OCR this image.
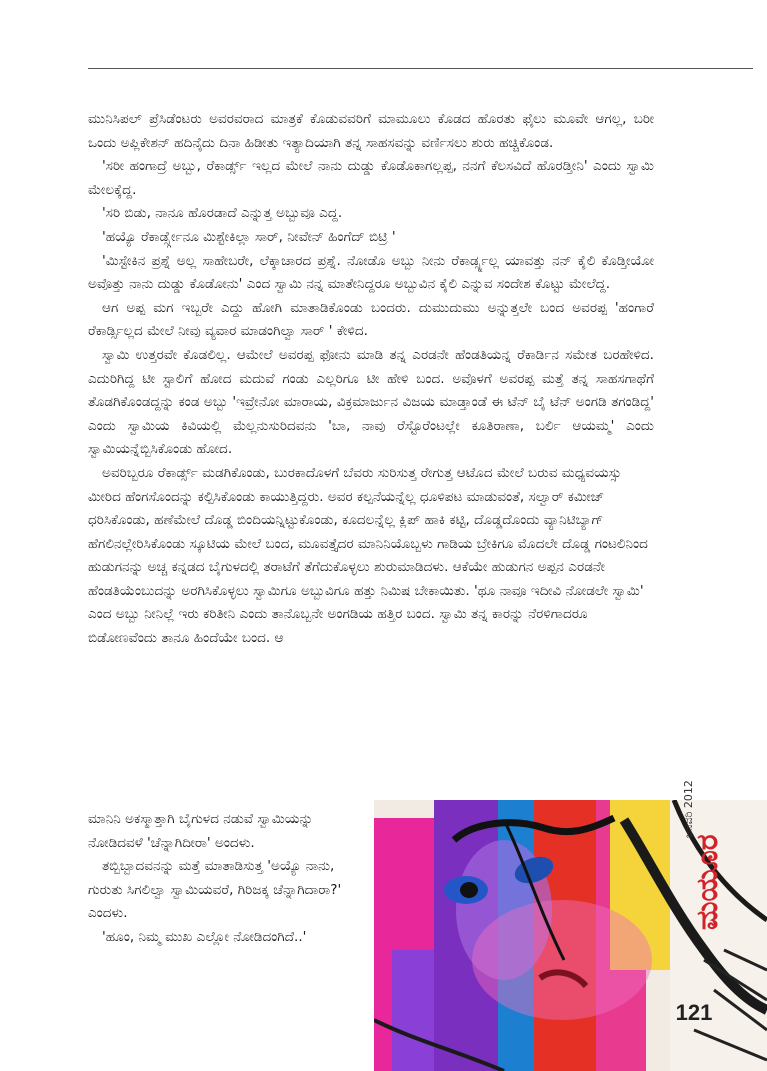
ಮುನಿಸಿಪಲ್ ಪ್ರೆಸಿಡೆಂಟರು ಅವರವರಾದ ಮಾತ್ರಕೆ ಕೊಡುವವರಿಗೆ ಮಾಮೂಲು ಕೊಡದ ಹೊರತು ಫೈಲು ಮೂವೇ ಆಗಲ್ಲ, ಬರೀ ಒಂದು ಅಪ್ಲಿಕೇಶನ್ ಹದಿನೈದು ದಿನಾ ಹಿಡೀತು ಇತ್ಯಾದಿಯಾಗಿ ತನ್ನ ಸಾಹಸವನ್ನು ವರ್ಣಿಸಲು ಶುರು ಹಚ್ಚಿಕೊಂಡ.

'ಸರೀ ಹಂಗಾದ್ರೆ ಅಬ್ಬು, ರೆಕಾರ್ಡ್ಸ್ ಇಲ್ಲದ ಮೇಲೆ ನಾನು ದುಡ್ಡು ಕೊಡೊಕಾಗಲ್ಲಪ್ಪ, ನನಗೆ ಕೆಲಸವಿದೆ ಹೊರಡ್ತೀನಿ' ಎಂದು ಸ್ವಾಮಿ ಮೇಲಕ್ಕೆದ್ದ.

'ಸರಿ ಬಿಡು, ನಾನೂ ಹೊರಡಾದೆ ಎನ್ನುತ್ತ ಅಬ್ಬುವೂ ಎದ್ದ.

'ಹಯ್ಯೊ ರೆಕಾರ್ಡ್ಸ್ಗೇನೂ ಮಿಶ್ಟೇಕಿಲ್ಲಾ ಸಾರ್, ನೀವೇನ್ ಹಿಂಗೆದ್ ಬಿಟ್ರಿ '

'ಮಿಸ್ಟೇಕಿನ ಪ್ರಶ್ನೆ ಅಲ್ಲ ಸಾಹೇಬರೇ, ಲೆಕ್ಕಾಚಾರದ ಪ್ರಶ್ನೆ. ನೋಡೊ ಅಬ್ಬು ನೀನು ರೆಕಾರ್ಡ್ಸ್ನಲ್ಲ ಯಾವತ್ತು ನನ್ ಕೈಲಿ ಕೊಡ್ತೀಯೋ ಅವೊತ್ತು ನಾನು ದುಡ್ಡು ಕೊಡೋನು' ಎಂದ ಸ್ವಾಮಿ ನನ್ನ ಮಾತೇನಿದ್ದರೂ ಅಬ್ಬುವಿನ ಕೈಲಿ ಎನ್ನುವ ಸಂದೇಶ ಕೊಟ್ಟು ಮೇಲೆದ್ದ.

ಆಗ ಅಪ್ಪ ಮಗ ಇಬ್ಬರೇ ಎದ್ದು ಹೋಗಿ ಮಾತಾಡಿಕೊಂಡು ಬಂದರು. ದುಮುದುಮು ಅನ್ನುತ್ತಲೇ ಬಂದ ಅವರಪ್ಪ 'ಹಂಗಾರೆ ರೆಕಾರ್ಡ್ಸಿಲ್ಲದ ಮೇಲೆ ನೀವು ವ್ಯವಾರ ಮಾಡಂಗಿಲ್ವಾ ಸಾರ್ ' ಕೇಳಿದ.

ಸ್ವಾಮಿ ಉತ್ತರವೇ ಕೊಡಲಿಲ್ಲ. ಆಮೇಲೆ ಅವರಪ್ಪ ಫೋನು ಮಾಡಿ ತನ್ನ ಎರಡನೇ ಹೆಂಡತಿಯನ್ನ ರೆಕಾರ್ಡಿನ ಸಮೇತ ಬರಹೇಳಿದ. ಎದುರಿಗಿದ್ದ ಟೀ ಸ್ಟಾಲಿಗೆ ಹೋದ ಮದುವೆ ಗಂಡು ಎಲ್ಲರಿಗೂ ಟೀ ಹೇಳಿ ಬಂದ. ಅವೊಳಗೆ ಅವರಪ್ಪ ಮತ್ತೆ ತನ್ನ ಸಾಹಸಗಾಥೆಗೆ ತೊಡಗಿಕೊಂಡದ್ದನ್ನು ಕಂಡ ಅಬ್ಬು 'ಇವ್ರೇನೋ ಮಾರಾಯ, ವಿಕ್ರಮಾರ್ಜುನ ವಿಜಯ ಮಾಡ್ತಾಂಡೆ ಈ ಟೆನ್ ಬೈ ಟೆನ್ ಅಂಗಡಿ ತಗಂಡಿದ್ದ' ಎಂದು ಸ್ವಾಮಿಯ ಕಿವಿಯಲ್ಲಿ ಮೆಲ್ಲನುಸುರಿದವನು 'ಬಾ, ನಾವು ರೆಸ್ಟೊರೆಂಟಲ್ಲೇ ಕೂತಿರಾಣಾ, ಬರ್ಲಿ ಆಯಮ್ಮ' ಎಂದು ಸ್ವಾಮಿಯನ್ನೆಬ್ಬಿಸಿಕೊಂಡು ಹೋದ.

ಅವರಿಬ್ಬರೂ ರೆಕಾರ್ಡ್ಸ್ ಮಡಗಿಕೊಂಡು, ಬುರಕಾದೊಳಗೆ ಬೆವರು ಸುರಿಸುತ್ತ ರೇಗುತ್ತ ಆಟೊದ ಮೇಲೆ ಬರುವ ಮಧ್ಯವಯಸ್ಸು ಮೀರಿದ ಹೆಂಗಸೊಂದನ್ನು ಕಲ್ಪಿಸಿಕೊಂಡು ಕಾಯುತ್ತಿದ್ದರು. ಅವರ ಕಲ್ಪನೆಯನ್ನೆಲ್ಲ ಧೂಳಿಪಟ ಮಾಡುವಂತೆ, ಸಲ್ವಾರ್ ಕಮೀಜ್ ಧರಿಸಿಕೊಂಡು, ಹಣೆಮೇಲೆ ದೊಡ್ಡ ಬಿಂದಿಯನ್ನಿಟ್ಟುಕೊಂಡು, ಕೂದಲನ್ನೆಲ್ಲ ಕ್ಲಿಪ್ ಹಾಕಿ ಕಟ್ಟಿ, ದೊಡ್ಡದೊಂದು ವ್ಯಾನಿಟಿಬ್ಯಾಗ್ ಹೆಗಲಿನಲ್ಲೇರಿಸಿಕೊಂಡು ಸ್ಕೂಟಿಯ ಮೇಲೆ ಬಂದ, ಮೂವತ್ತೈದರ ಮಾನಿನಿಯೊಬ್ಬಳು ಗಾಡಿಯ ಬ್ರೇಕಿಗೂ ಮೊದಲೇ ದೊಡ್ಡ ಗಂಟಲಿನಿಂದ ಹುಡುಗನನ್ನು ಅಚ್ಚ ಕನ್ನಡದ ಬೈಗುಳದಲ್ಲಿ ತರಾಟೆಗೆ ತೆಗೆದುಕೊಳ್ಳಲು ಶುರುಮಾಡಿದಳು. ಆಕೆಯೇ ಹುಡುಗನ ಅಪ್ಪನ ಎರಡನೇ ಹೆಂಡತಿಯೆಂಬುದನ್ನು ಅರಗಿಸಿಕೊಳ್ಳಲು ಸ್ವಾಮಿಗೂ ಅಬ್ಬುವಿಗೂ ಹತ್ತು ನಿಮಿಷ ಬೇಕಾಯಿತು. 'ಥೂ ನಾವೂ ಇದೀವಿ ನೋಡಲೇ ಸ್ವಾಮಿ' ಎಂದ ಅಬ್ಬು ನೀನಿಲ್ಲೆ ಇರು ಕರಿತೀನಿ ಎಂದು ತಾನೊಬ್ಬನೇ ಅಂಗಡಿಯ ಹತ್ತಿರ ಬಂದ. ಸ್ವಾಮಿ ತನ್ನ ಕಾರನ್ನು ನೆರಳಿಗಾದರೂ ಬಿಡೋಣವೆಂದು ತಾನೂ ಹಿಂದೆಯೇ ಬಂದ. ಆ

ಮಾನಿನಿ ಅಕಸ್ಮಾತ್ತಾಗಿ ಬೈಗುಳದ ನಡುವೆ ಸ್ವಾಮಿಯನ್ನು ನೋಡಿದವಳೆ 'ಚೆನ್ನಾಗಿದೀರಾ' ಅಂದಳು.

ತಬ್ಬಿಬ್ಬಾದವನನ್ನು ಮತ್ತೆ ಮಾತಾಡಿಸುತ್ತ 'ಅಯ್ಯೊ ನಾನು, ಗುರುತು ಸಿಗಲಿಲ್ವಾ ಸ್ವಾಮಿಯವರೆ, ಗಿರಿಜಕ್ಕ ಚೆನ್ನಾಗಿದಾರಾ?' ಎಂದಳು.

'ಹೂಂ, ನಿಮ್ಮ ಮುಖ ಎಲ್ಲೋ ನೋಡಿದಂಗಿದೆ..'

ಮಯೂರ
ಜನವರಿ 2012
121
